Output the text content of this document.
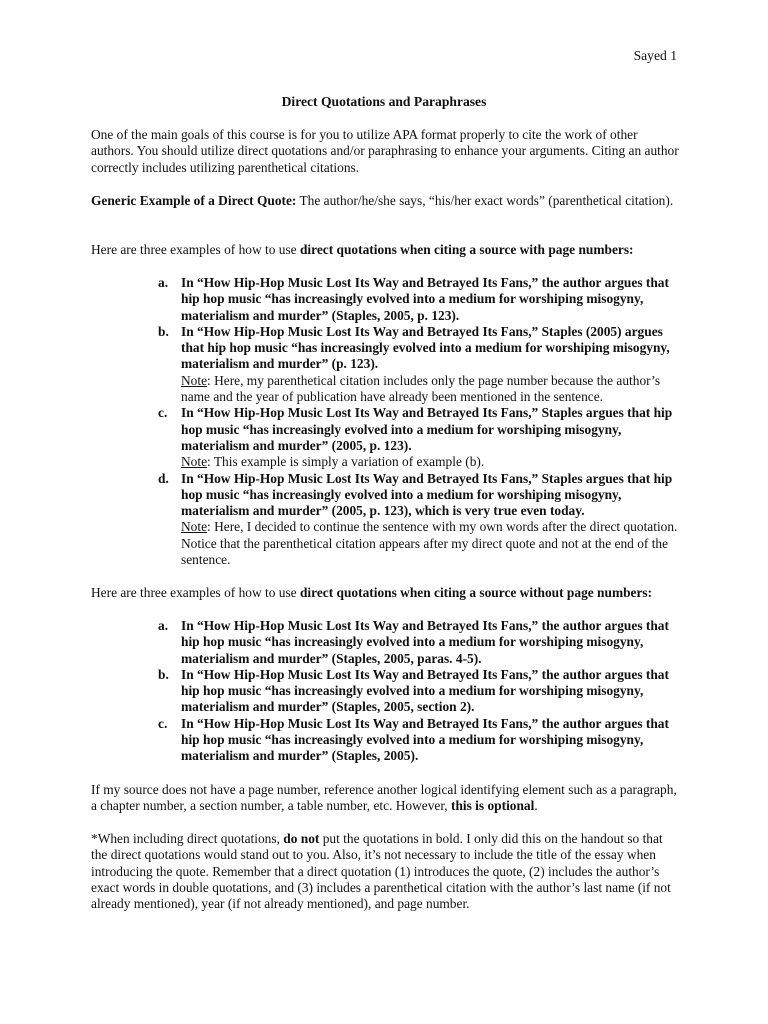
Sayed 1
Direct Quotations and Paraphrases

One of the main goals of this course is for you to utilize APA format properly to cite the work of other authors. You should utilize direct quotations and/or paraphrasing to enhance your arguments. Citing an author correctly includes utilizing parenthetical citations.

Generic Example of a Direct Quote: The author/he/she says, “his/her exact words” (parenthetical citation).

Here are three examples of how to use direct quotations when citing a source with page numbers:

a. In “How Hip-Hop Music Lost Its Way and Betrayed Its Fans,” the author argues that hip hop music “has increasingly evolved into a medium for worshiping misogyny, materialism and murder” (Staples, 2005, p. 123).
b. In “How Hip-Hop Music Lost Its Way and Betrayed Its Fans,” Staples (2005) argues that hip hop music “has increasingly evolved into a medium for worshiping misogyny, materialism and murder” (p. 123).
Note: Here, my parenthetical citation includes only the page number because the author’s name and the year of publication have already been mentioned in the sentence.
c. In “How Hip-Hop Music Lost Its Way and Betrayed Its Fans,” Staples argues that hip hop music “has increasingly evolved into a medium for worshiping misogyny, materialism and murder” (2005, p. 123).
Note: This example is simply a variation of example (b).
d. In “How Hip-Hop Music Lost Its Way and Betrayed Its Fans,” Staples argues that hip hop music “has increasingly evolved into a medium for worshiping misogyny, materialism and murder” (2005, p. 123), which is very true even today.
Note: Here, I decided to continue the sentence with my own words after the direct quotation. Notice that the parenthetical citation appears after my direct quote and not at the end of the sentence.

Here are three examples of how to use direct quotations when citing a source without page numbers:

a. In “How Hip-Hop Music Lost Its Way and Betrayed Its Fans,” the author argues that hip hop music “has increasingly evolved into a medium for worshiping misogyny, materialism and murder” (Staples, 2005, paras. 4-5).
b. In “How Hip-Hop Music Lost Its Way and Betrayed Its Fans,” the author argues that hip hop music “has increasingly evolved into a medium for worshiping misogyny, materialism and murder” (Staples, 2005, section 2).
c. In “How Hip-Hop Music Lost Its Way and Betrayed Its Fans,” the author argues that hip hop music “has increasingly evolved into a medium for worshiping misogyny, materialism and murder” (Staples, 2005).

If my source does not have a page number, reference another logical identifying element such as a paragraph, a chapter number, a section number, a table number, etc. However, this is optional.

*When including direct quotations, do not put the quotations in bold. I only did this on the handout so that the direct quotations would stand out to you. Also, it’s not necessary to include the title of the essay when introducing the quote. Remember that a direct quotation (1) introduces the quote, (2) includes the author’s exact words in double quotations, and (3) includes a parenthetical citation with the author’s last name (if not already mentioned), year (if not already mentioned), and page number.
